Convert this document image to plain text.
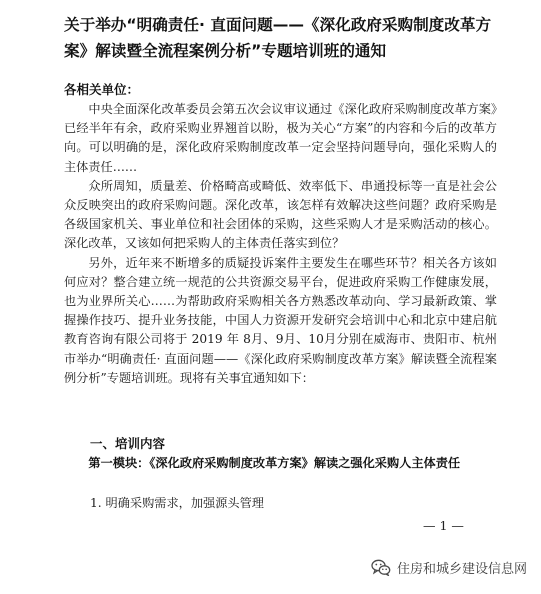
关于举办“明确责任· 直面问题——《深化政府采购制度改革方案》解读暨全流程案例分析”专题培训班的通知
各相关单位：

中央全面深化改革委员会第五次会议审议通过《深化政府采购制度改革方案》已经半年有余，政府采购业界翘首以盼，极为关心“方案”的内容和今后的改革方向。可以明确的是，深化政府采购制度改革一定会坚持问题导向，强化采购人的主体责任……

众所周知，质量差、价格畸高或畸低、效率低下、串通投标等一直是社会公众反映突出的政府采购问题。深化改革，该怎样有效解决这些问题？政府采购是各级国家机关、事业单位和社会团体的采购，这些采购人才是采购活动的核心。深化改革，又该如何把采购人的主体责任落实到位？

另外，近年来不断增多的质疑投诉案件主要发生在哪些环节？相关各方该如何应对？整合建立统一规范的公共资源交易平台，促进政府采购工作健康发展，也为业界所关心……为帮助政府采购相关各方熟悉改革动向、学习最新政策、掌握操作技巧、提升业务技能，中国人力资源开发研究会培训中心和北京中建启航教育咨询有限公司将于 2019 年 8月、9月、10月分别在威海市、贵阳市、杭州市举办“明确责任· 直面问题——《深化政府采购制度改革方案》解读暨全流程案例分析”专题培训班。现将有关事宜通知如下：

一、培训内容

第一模块：《深化政府采购制度改革方案》解读之强化采购人主体责任

1. 明确采购需求，加强源头管理
— 1 —
住房和城乡建设信息网
